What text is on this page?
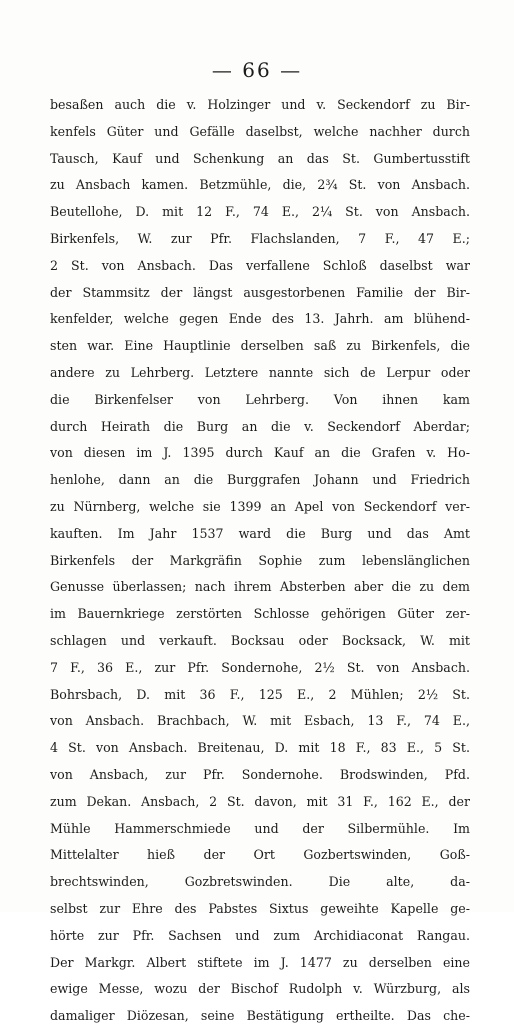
— 66 —
besaßen auch die v. Holzinger und v. Seckendorf zu Bir-
kenfels Güter und Gefälle daselbst, welche nachher durch
Tausch, Kauf und Schenkung an das St. Gumbertusstift
zu Ansbach kamen. Betzmühle, die, 2¾ St. von Ansbach.
Beutellohe, D. mit 12 F., 74 E., 2¼ St. von Ansbach.
Birkenfels, W. zur Pfr. Flachslanden, 7 F., 47 E.;
2 St. von Ansbach. Das verfallene Schloß daselbst war
der Stammsitz der längst ausgestorbenen Familie der Bir-
kenfelder, welche gegen Ende des 13. Jahrh. am blühend-
sten war. Eine Hauptlinie derselben saß zu Birkenfels, die
andere zu Lehrberg. Letztere nannte sich de Lerpur oder
die Birkenfelser von Lehrberg. Von ihnen kam
durch Heirath die Burg an die v. Seckendorf Aberdar;
von diesen im J. 1395 durch Kauf an die Grafen v. Ho-
henlohe, dann an die Burggrafen Johann und Friedrich
zu Nürnberg, welche sie 1399 an Apel von Seckendorf ver-
kauften. Im Jahr 1537 ward die Burg und das Amt
Birkenfels der Markgräfin Sophie zum lebenslänglichen
Genusse überlassen; nach ihrem Absterben aber die zu dem
im Bauernkriege zerstörten Schlosse gehörigen Güter zer-
schlagen und verkauft. Bocksau oder Bocksack, W. mit
7 F., 36 E., zur Pfr. Sondernohe, 2½ St. von Ansbach.
Bohrsbach, D. mit 36 F., 125 E., 2 Mühlen; 2½ St.
von Ansbach. Brachbach, W. mit Esbach, 13 F., 74 E.,
4 St. von Ansbach. Breitenau, D. mit 18 F., 83 E., 5 St.
von Ansbach, zur Pfr. Sondernohe. Brodswinden, Pfd.
zum Dekan. Ansbach, 2 St. davon, mit 31 F., 162 E., der
Mühle Hammerschmiede und der Silbermühle. Im
Mittelalter hieß der Ort Gozbertswinden, Goß-
brechtswinden, Gozbretswinden. Die alte, da-
selbst zur Ehre des Pabstes Sixtus geweihte Kapelle ge-
hörte zur Pfr. Sachsen und zum Archidiaconat Rangau.
Der Markgr. Albert stiftete im J. 1477 zu derselben eine
ewige Messe, wozu der Bischof Rudolph v. Würzburg, als
damaliger Diözesan, seine Bestätigung ertheilte. Das che-
